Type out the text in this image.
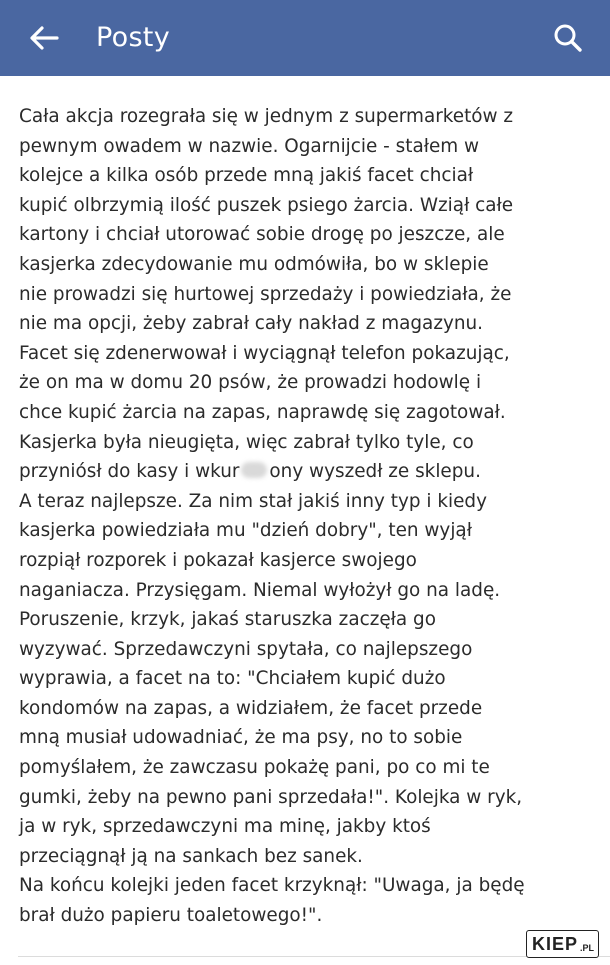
Posty
Cała akcja rozegrała się w jednym z supermarketów z
pewnym owadem w nazwie. Ogarnijcie - stałem w
kolejce a kilka osób przede mną jakiś facet chciał
kupić olbrzymią ilość puszek psiego żarcia. Wziął całe
kartony i chciał utorować sobie drogę po jeszcze, ale
kasjerka zdecydowanie mu odmówiła, bo w sklepie
nie prowadzi się hurtowej sprzedaży i powiedziała, że
nie ma opcji, żeby zabrał cały nakład z magazynu.
Facet się zdenerwował i wyciągnął telefon pokazując,
że on ma w domu 20 psów, że prowadzi hodowlę i
chce kupić żarcia na zapas, naprawdę się zagotował.
Kasjerka była nieugięta, więc zabrał tylko tyle, co
przyniósł do kasy i wkur ony wyszedł ze sklepu.
A teraz najlepsze. Za nim stał jakiś inny typ i kiedy
kasjerka powiedziała mu "dzień dobry", ten wyjął
rozpiął rozporek i pokazał kasjerce swojego
naganiacza. Przysięgam. Niemal wyłożył go na ladę.
Poruszenie, krzyk, jakaś staruszka zaczęła go
wyzywać. Sprzedawczyni spytała, co najlepszego
wyprawia, a facet na to: "Chciałem kupić dużo
kondomów na zapas, a widziałem, że facet przede
mną musiał udowadniać, że ma psy, no to sobie
pomyślałem, że zawczasu pokażę pani, po co mi te
gumki, żeby na pewno pani sprzedała!". Kolejka w ryk,
ja w ryk, sprzedawczyni ma minę, jakby ktoś
przeciągnął ją na sankach bez sanek.
Na końcu kolejki jeden facet krzyknął: "Uwaga, ja będę
brał dużo papieru toaletowego!".
KIEP .PL
